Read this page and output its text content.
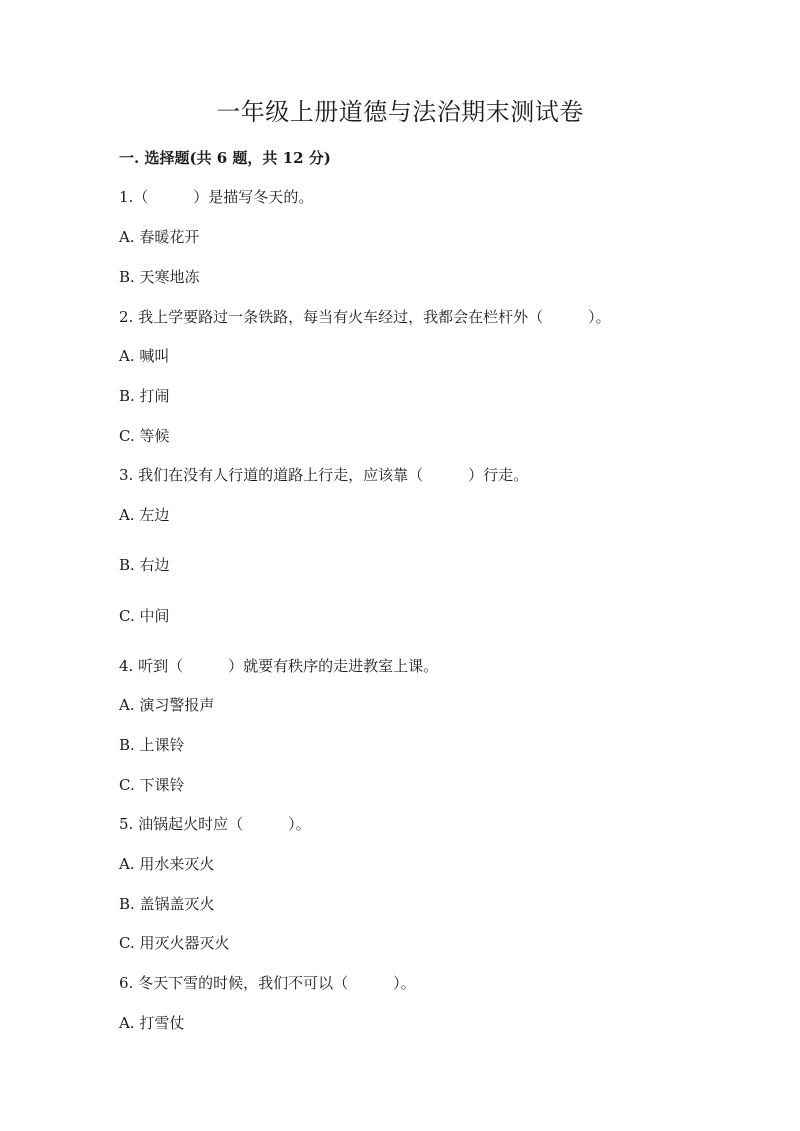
一年级上册道德与法治期末测试卷
一. 选择题(共 6 题，共 12 分)
1.（　　　）是描写冬天的。
A. 春暖花开
B. 天寒地冻
2. 我上学要路过一条铁路，每当有火车经过，我都会在栏杆外（　　　）。
A. 喊叫
B. 打闹
C. 等候
3. 我们在没有人行道的道路上行走，应该靠（　　　）行走。
A. 左边
B. 右边
C. 中间
4. 听到（　　　）就要有秩序的走进教室上课。
A. 演习警报声
B. 上课铃
C. 下课铃
5. 油锅起火时应（　　　）。
A. 用水来灭火
B. 盖锅盖灭火
C. 用灭火器灭火
6. 冬天下雪的时候，我们不可以（　　　）。
A. 打雪仗
